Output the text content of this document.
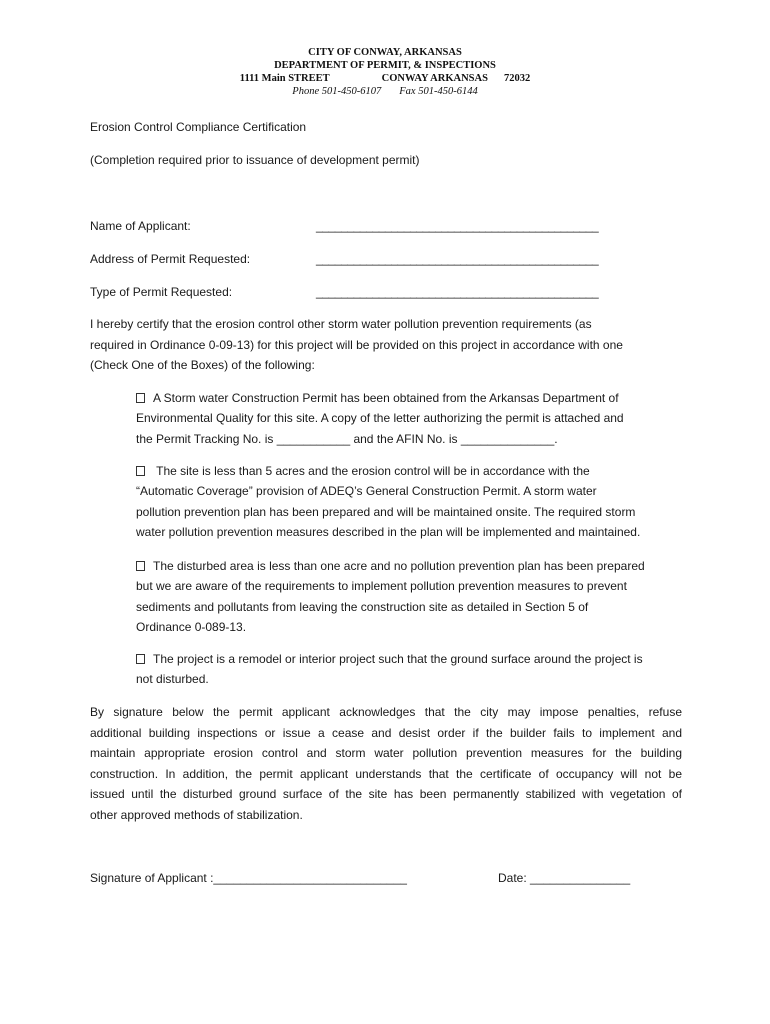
CITY OF CONWAY, ARKANSAS
DEPARTMENT OF PERMIT, & INSPECTIONS
1111 Main STREET	CONWAY ARKANSAS 72032
Phone 501-450-6107 Fax 501-450-6144
Erosion Control Compliance Certification
(Completion required prior to issuance of development permit)
Name of Applicant:	_____________________________________________
Address of Permit Requested:	_____________________________________________
Type of Permit Requested:	_____________________________________________
I hereby certify that the erosion control other storm water pollution prevention requirements (as
required in Ordinance 0-09-13) for this project will be provided on this project in accordance with one
(Check One of the Boxes) of the following:
A Storm water Construction Permit has been obtained from the Arkansas Department of
Environmental Quality for this site. A copy of the letter authorizing the permit is attached and
the Permit Tracking No. is ___________ and the AFIN No. is ______________.
The site is less than 5 acres and the erosion control will be in accordance with the
“Automatic Coverage” provision of ADEQ’s General Construction Permit. A storm water
pollution prevention plan has been prepared and will be maintained onsite. The required storm
water pollution prevention measures described in the plan will be implemented and maintained.
The disturbed area is less than one acre and no pollution prevention plan has been prepared
but we are aware of the requirements to implement pollution prevention measures to prevent
sediments and pollutants from leaving the construction site as detailed in Section 5 of
Ordinance 0-089-13.
The project is a remodel or interior project such that the ground surface around the project is
not disturbed.
By signature below the permit applicant acknowledges that the city may impose penalties, refuse
additional building inspections or issue a cease and desist order if the builder fails to implement and
maintain appropriate erosion control and storm water pollution prevention measures for the building
construction. In addition, the permit applicant understands that the certificate of occupancy will not be
issued until the disturbed ground surface of the site has been permanently stabilized with vegetation of
other approved methods of stabilization.
Signature of Applicant :_____________________________	Date: _______________
